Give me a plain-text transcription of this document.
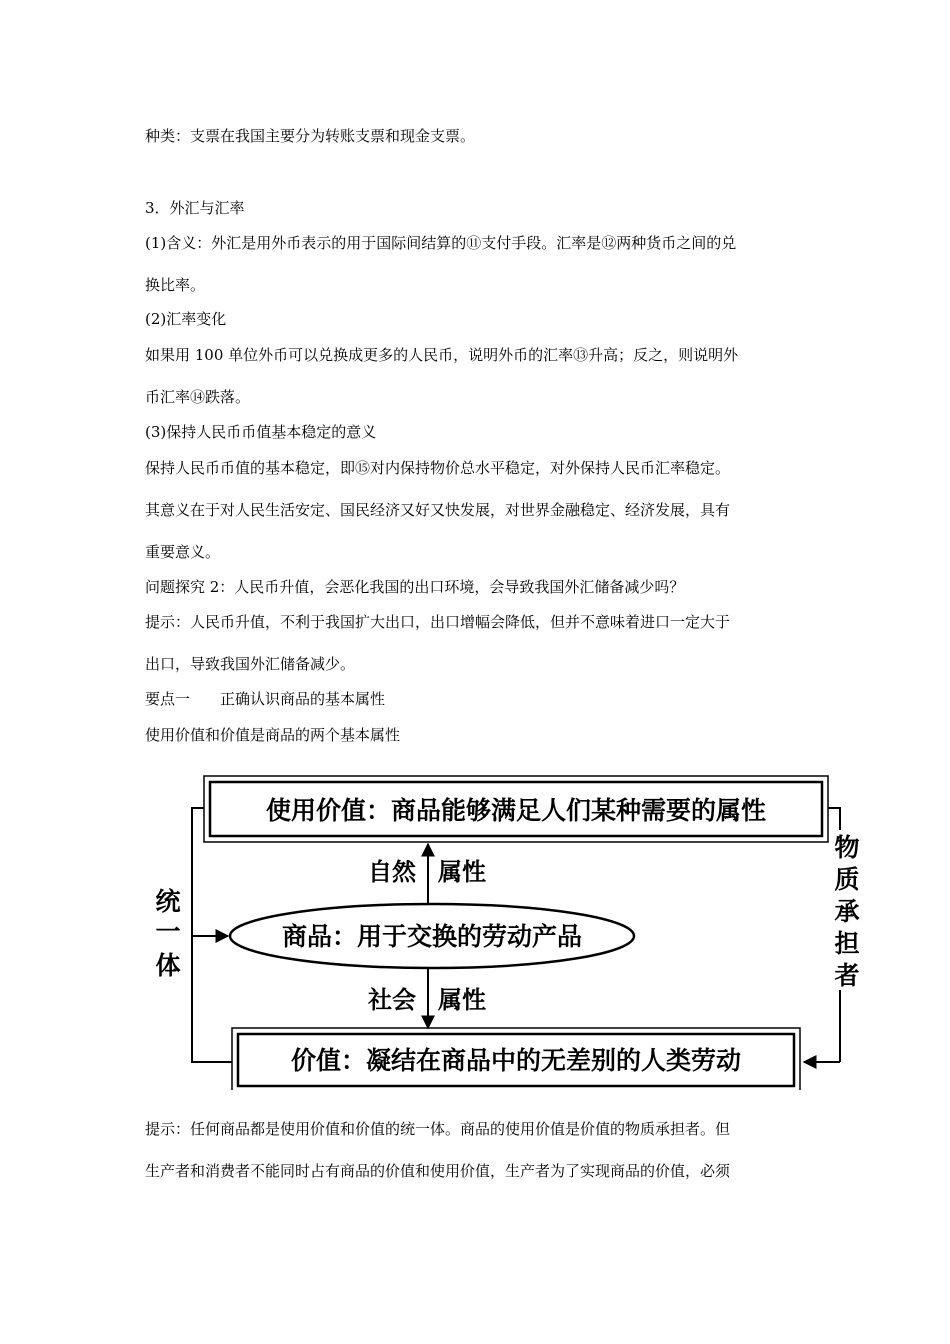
种类：支票在我国主要分为转账支票和现金支票。
3．外汇与汇率
(1)含义：外汇是用外币表示的用于国际间结算的⑪支付手段。汇率是⑫两种货币之间的兑
换比率。
(2)汇率变化
如果用 100 单位外币可以兑换成更多的人民币，说明外币的汇率⑬升高；反之，则说明外
币汇率⑭跌落。
(3)保持人民币币值基本稳定的意义
保持人民币币值的基本稳定，即⑮对内保持物价总水平稳定，对外保持人民币汇率稳定。
其意义在于对人民生活安定、国民经济又好又快发展，对世界金融稳定、经济发展，具有
重要意义。
问题探究 2：人民币升值，会恶化我国的出口环境，会导致我国外汇储备减少吗？
提示：人民币升值，不利于我国扩大出口，出口增幅会降低，但并不意味着进口一定大于
出口，导致我国外汇储备减少。
要点一　　正确认识商品的基本属性
使用价值和价值是商品的两个基本属性
使用价值：商品能够满足人们某种需要的属性
自然 属性
商品：用于交换的劳动产品
社会 属性
价值：凝结在商品中的无差别的人类劳动
统
一
体
物
质
承
担
者
提示：任何商品都是使用价值和价值的统一体。商品的使用价值是价值的物质承担者。但
生产者和消费者不能同时占有商品的价值和使用价值，生产者为了实现商品的价值，必须
